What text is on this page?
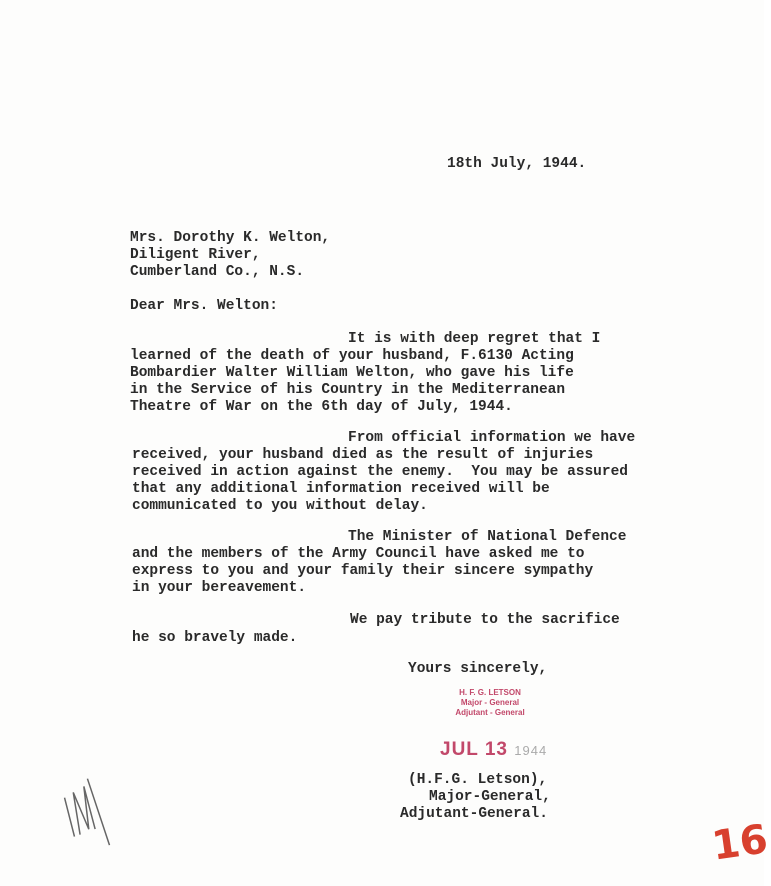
18th July, 1944.
Mrs. Dorothy K. Welton,
Diligent River,
Cumberland Co., N.S.
Dear Mrs. Welton:
It is with deep regret that I
learned of the death of your husband, F.6130 Acting
Bombardier Walter William Welton, who gave his life
in the Service of his Country in the Mediterranean
Theatre of War on the 6th day of July, 1944.
From official information we have
received, your husband died as the result of injuries
received in action against the enemy.  You may be assured
that any additional information received will be
communicated to you without delay.
The Minister of National Defence
and the members of the Army Council have asked me to
express to you and your family their sincere sympathy
in your bereavement.
We pay tribute to the sacrifice
he so bravely made.
Yours sincerely,
H. F. G. LETSON
Major - General
Adjutant - General
JUL 13 1944
(H.F.G. Letson),
Major-General,
Adjutant-General.
16
